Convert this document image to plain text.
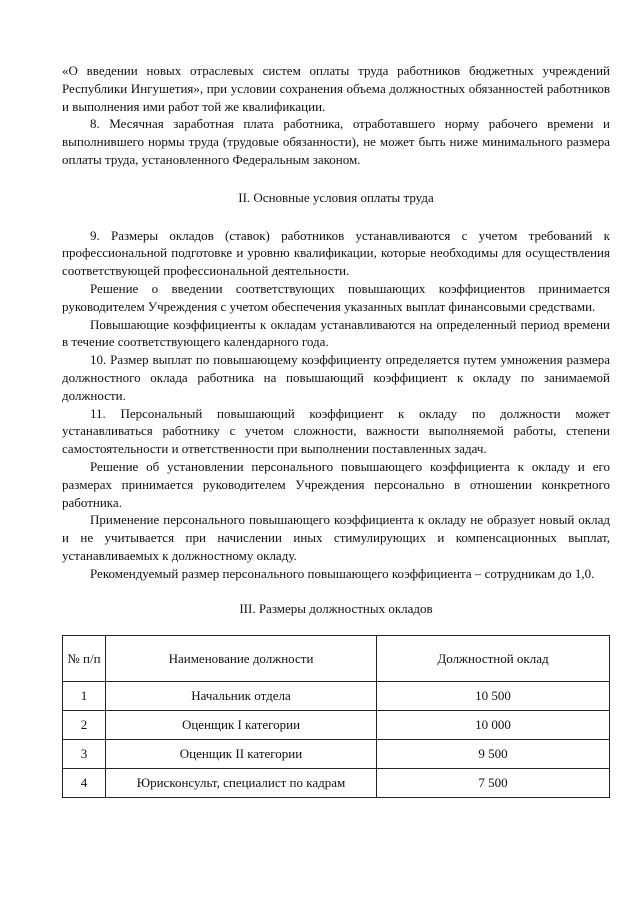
«О введении новых отраслевых систем оплаты труда работников бюджетных учреждений Республики Ингушетия», при условии сохранения объема должностных обязанностей работников и выполнения ими работ той же квалификации.

8. Месячная заработная плата работника, отработавшего норму рабочего времени и выполнившего нормы труда (трудовые обязанности), не может быть ниже минимального размера оплаты труда, установленного Федеральным законом.

II. Основные условия оплаты труда

9. Размеры окладов (ставок) работников устанавливаются с учетом требований к профессиональной подготовке и уровню квалификации, которые необходимы для осуществления соответствующей профессиональной деятельности.

Решение о введении соответствующих повышающих коэффициентов принимается руководителем Учреждения с учетом обеспечения указанных выплат финансовыми средствами.

Повышающие коэффициенты к окладам устанавливаются на определенный период времени в течение соответствующего календарного года.

10. Размер выплат по повышающему коэффициенту определяется путем умножения размера должностного оклада работника на повышающий коэффициент к окладу по занимаемой должности.

11. Персональный повышающий коэффициент к окладу по должности может устанавливаться работнику с учетом сложности, важности выполняемой работы, степени самостоятельности и ответственности при выполнении поставленных задач.

Решение об установлении персонального повышающего коэффициента к окладу и его размерах принимается руководителем Учреждения персонально в отношении конкретного работника.

Применение персонального повышающего коэффициента к окладу не образует новый оклад и не учитывается при начислении иных стимулирующих и компенсационных выплат, устанавливаемых к должностному окладу.

Рекомендуемый размер персонального повышающего коэффициента – сотрудникам до 1,0.

III. Размеры должностных окладов

№ п/п	Наименование должности	Должностной оклад
1	Начальник отдела	10 500
2	Оценщик I категории	10 000
3	Оценщик II категории	9 500
4	Юрисконсульт, специалист по кадрам	7 500
